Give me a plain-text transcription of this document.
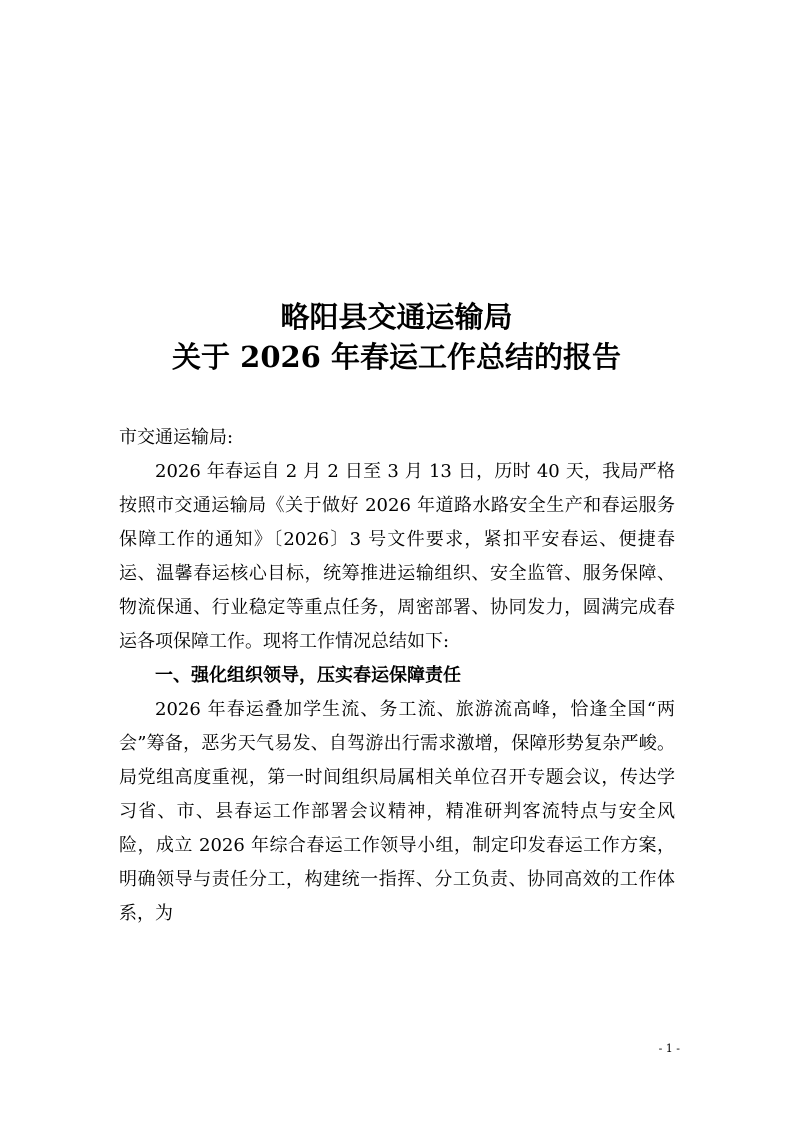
略阳县交通运输局
关于 2026 年春运工作总结的报告

市交通运输局:

2026 年春运自 2 月 2 日至 3 月 13 日，历时 40 天，我局严格按照市交通运输局《关于做好 2026 年道路水路安全生产和春运服务保障工作的通知》〔2026〕3 号文件要求，紧扣平安春运、便捷春运、温馨春运核心目标，统筹推进运输组织、安全监管、服务保障、物流保通、行业稳定等重点任务，周密部署、协同发力，圆满完成春运各项保障工作。现将工作情况总结如下:

一、强化组织领导，压实春运保障责任

2026 年春运叠加学生流、务工流、旅游流高峰，恰逢全国“两会”筹备，恶劣天气易发、自驾游出行需求激增，保障形势复杂严峻。局党组高度重视，第一时间组织局属相关单位召开专题会议，传达学习省、市、县春运工作部署会议精神，精准研判客流特点与安全风险，成立 2026 年综合春运工作领导小组，制定印发春运工作方案，明确领导与责任分工，构建统一指挥、分工负责、协同高效的工作体系，为

- 1 -
